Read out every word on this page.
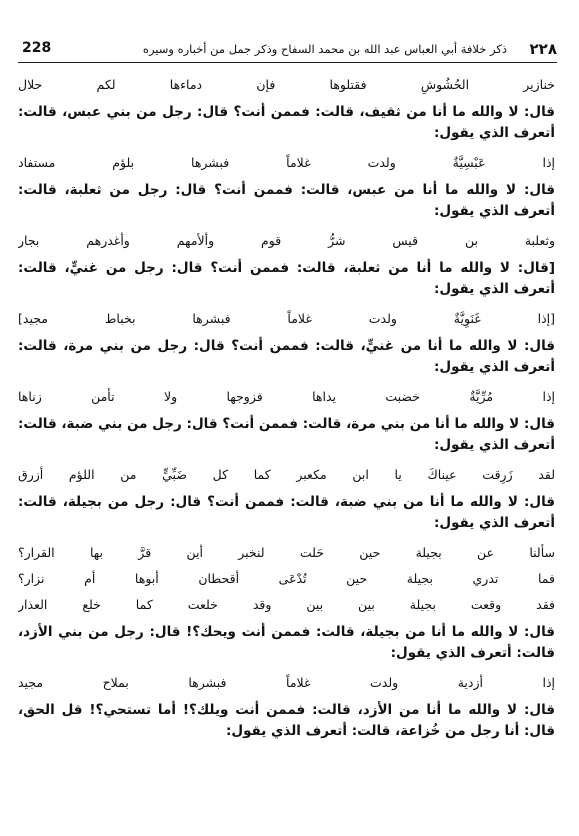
٢٢٨
ذكر خلافة أبي العباس عبد الله بن محمد السفاح وذكر جمل من أخباره وسيره
228

خنازير الحُشُوشِ فقتلوها فإن دماءها لكم حلال

قال: لا والله ما أنا من ثقيف، قالت: فممن أنت؟ قال: رجل من بني عبس، قالت: أتعرف الذي يقول:

إذا عَبْسِيَّةٌ ولدت غلاماً فبشرها بلؤم مستفاد

قال: لا والله ما أنا من عبس، قالت: فممن أنت؟ قال: رجل من ثعلبة، قالت: أتعرف الذي يقول:

وثعلبة بن قيس شرُّ قوم وألأمهم وأغدرهم بجار

[قال: لا والله ما أنا من ثعلبة، قالت: فممن أنت؟ قال: رجل من غنيٍّ، قالت: أتعرف الذي يقول:

[إذا غَنَوِيَّةٌ ولدت غلاماً فبشرها بخباط مجيد]

قال: لا والله ما أنا من غنيٍّ، قالت: فممن أنت؟ قال: رجل من بني مرة، قالت: أتعرف الذي يقول:

إذا مُرِّيَّةٌ خضبت يداها فزوجها ولا تأمن زناها

قال: لا والله ما أنا من بني مرة، قالت: فممن أنت؟ قال: رجل من بني ضبة، قالت: أتعرف الذي يقول:

لقد زَرِقت عيناكَ يا ابن مكعبر كما كل ضَبِّيٍّ من اللؤم أزرق

قال: لا والله ما أنا من بني ضبة، قالت: فممن أنت؟ قال: رجل من بجيلة، قالت: أتعرف الذي يقول:

سألنا عن بجيلة حين حَلت لنخبر أين قرَّ بها القرار؟

فما تدري بجيلة حين تُدْعَى أقحطان أبوها أم نزار؟

فقد وقعت بجيلة بين بين وقد خلعت كما خلع العذار

قال: لا والله ما أنا من بجيلة، قالت: فممن أنت ويحك؟! قال: رجل من بني الأزد، قالت: أتعرف الذي يقول:

إذا أزدية ولدت غلاماً فبشرها بملاح مجيد

قال: لا والله ما أنا من الأزد، قالت: فممن أنت ويلك؟! أما تستحي؟! قل الحق، قال: أنا رجل من خُزاعة، قالت: أتعرف الذي يقول:
